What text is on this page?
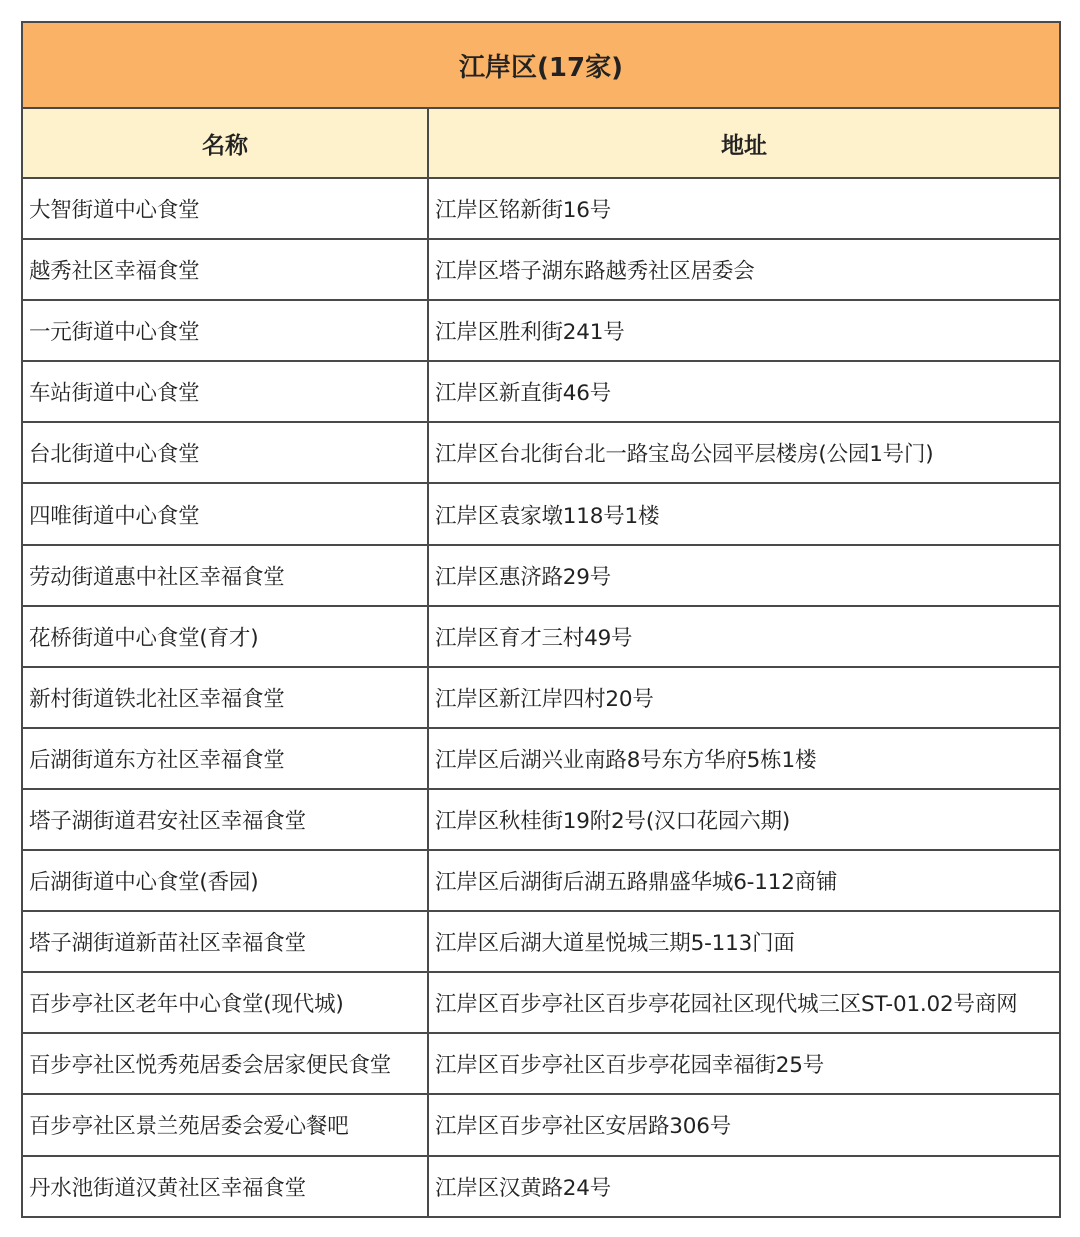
江岸区(17家)	
名称	地址
大智街道中心食堂	江岸区铭新街16号
越秀社区幸福食堂	江岸区塔子湖东路越秀社区居委会
一元街道中心食堂	江岸区胜利街241号
车站街道中心食堂	江岸区新直街46号
台北街道中心食堂	江岸区台北街台北一路宝岛公园平层楼房(公园1号门)
四唯街道中心食堂	江岸区袁家墩118号1楼
劳动街道惠中社区幸福食堂	江岸区惠济路29号
花桥街道中心食堂(育才)	江岸区育才三村49号
新村街道铁北社区幸福食堂	江岸区新江岸四村20号
后湖街道东方社区幸福食堂	江岸区后湖兴业南路8号东方华府5栋1楼
塔子湖街道君安社区幸福食堂	江岸区秋桂街19附2号(汉口花园六期)
后湖街道中心食堂(香园)	江岸区后湖街后湖五路鼎盛华城6-112商铺
塔子湖街道新苗社区幸福食堂	江岸区后湖大道星悦城三期5-113门面
百步亭社区老年中心食堂(现代城)	江岸区百步亭社区百步亭花园社区现代城三区ST-01.02号商网
百步亭社区悦秀苑居委会居家便民食堂	江岸区百步亭社区百步亭花园幸福街25号
百步亭社区景兰苑居委会爱心餐吧	江岸区百步亭社区安居路306号
丹水池街道汉黄社区幸福食堂	江岸区汉黄路24号
